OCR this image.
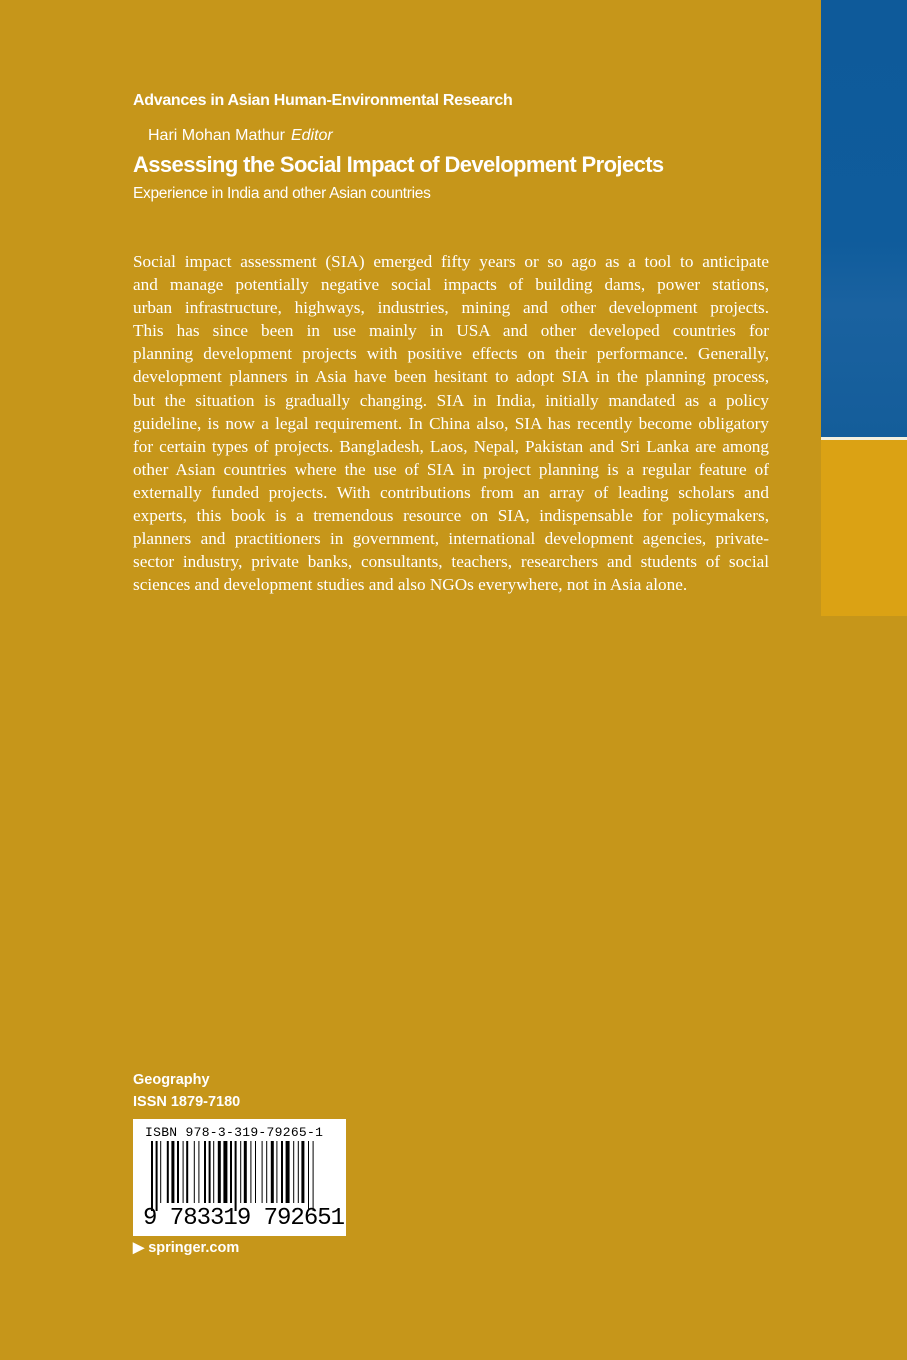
Advances in Asian Human-Environmental Research
Hari Mohan Mathur Editor
Assessing the Social Impact of Development Projects
Experience in India and other Asian countries
Social impact assessment (SIA) emerged fifty years or so ago as a tool to anticipate
and manage potentially negative social impacts of building dams, power stations,
urban infrastructure, highways, industries, mining and other development projects.
This has since been in use mainly in USA and other developed countries for
planning development projects with positive effects on their performance. Generally,
development planners in Asia have been hesitant to adopt SIA in the planning process,
but the situation is gradually changing. SIA in India, initially mandated as a policy
guideline, is now a legal requirement. In China also, SIA has recently become obligatory
for certain types of projects. Bangladesh, Laos, Nepal, Pakistan and Sri Lanka are among
other Asian countries where the use of SIA in project planning is a regular feature of
externally funded projects. With contributions from an array of leading scholars and
experts, this book is a tremendous resource on SIA, indispensable for policymakers,
planners and practitioners in government, international development agencies, private-
sector industry, private banks, consultants, teachers, researchers and students of social
sciences and development studies and also NGOs everywhere, not in Asia alone.
Geography
ISSN 1879-7180
ISBN 978-3-319-79265-1
9 783319 792651
▶ springer.com
